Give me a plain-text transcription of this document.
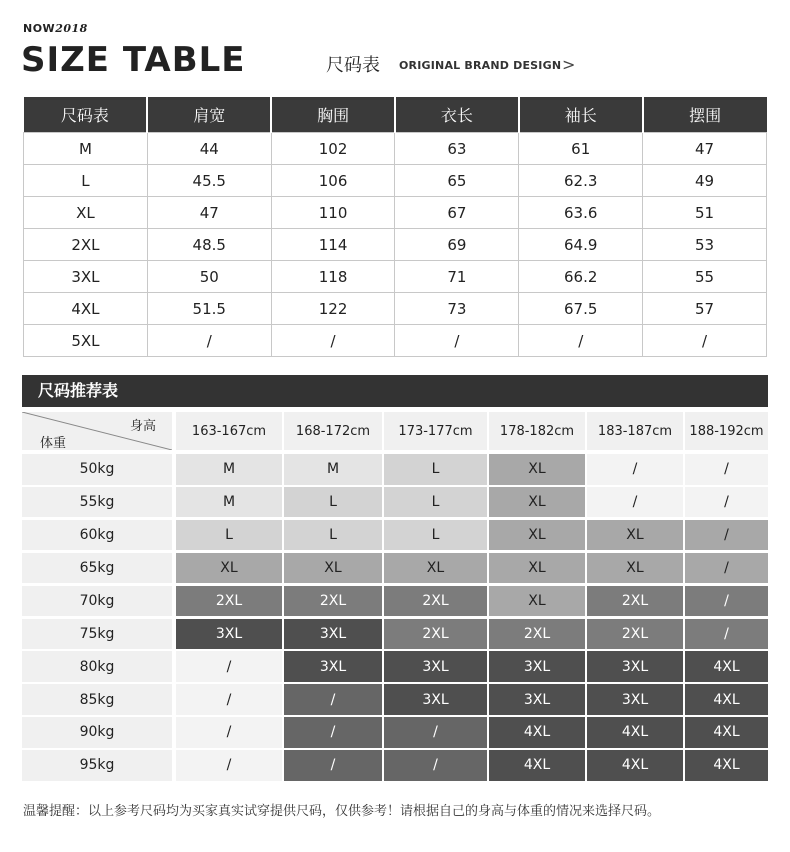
NOW2018
SIZE TABLE	尺码表 ORIGINAL BRAND DESIGN >
尺码表	肩宽	胸围	衣长	袖长	摆围
M	44	102	63	61	47
L	45.5	106	65	62.3	49
XL	47	110	67	63.6	51
2XL	48.5	114	69	64.9	53
3XL	50	118	71	66.2	55
4XL	51.5	122	73	67.5	57
5XL	/	/	/	/	/
尺码推荐表
身高
体重
163-167cm	168-172cm	173-177cm	178-182cm	183-187cm	188-192cm
50kg	M	M	L	XL	/	/
55kg	M	L	L	XL	/	/
60kg	L	L	L	XL	XL	/
65kg	XL	XL	XL	XL	XL	/
70kg	2XL	2XL	2XL	XL	2XL	/
75kg	3XL	3XL	2XL	2XL	2XL	/
80kg	/	3XL	3XL	3XL	3XL	4XL
85kg	/	/	3XL	3XL	3XL	4XL
90kg	/	/	/	4XL	4XL	4XL
95kg	/	/	/	4XL	4XL	4XL
温馨提醒：以上参考尺码均为买家真实试穿提供尺码，仅供参考！请根据自己的身高与体重的情况来选择尺码。
